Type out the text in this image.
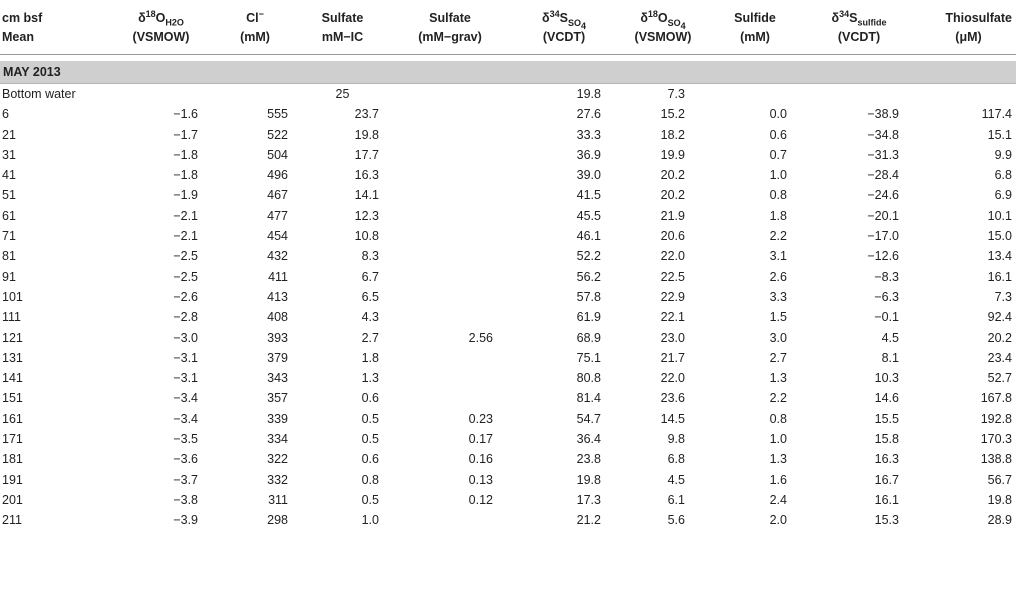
cm bsf	$\delta^{18}O_{H2O}$	Cl−	Sulfate	Sulfate	$\delta^{34}S_{SO_4}$	$\delta^{18}O_{SO_4}$	Sulfide	$\delta^{34}S_{sulfide}$	Thiosulfate
Mean	(VSMOW)	(mM)	mM−IC	(mM−grav)	(VCDT)	(VSMOW)	(mM)	(VCDT)	(μM)

MAY 2013									
Bottom water			25		19.8	7.3			
6	−1.6	555	23.7		27.6	15.2	0.0	−38.9	117.4
21	−1.7	522	19.8		33.3	18.2	0.6	−34.8	15.1
31	−1.8	504	17.7		36.9	19.9	0.7	−31.3	9.9
41	−1.8	496	16.3		39.0	20.2	1.0	−28.4	6.8
51	−1.9	467	14.1		41.5	20.2	0.8	−24.6	6.9
61	−2.1	477	12.3		45.5	21.9	1.8	−20.1	10.1
71	−2.1	454	10.8		46.1	20.6	2.2	−17.0	15.0
81	−2.5	432	8.3		52.2	22.0	3.1	−12.6	13.4
91	−2.5	411	6.7		56.2	22.5	2.6	−8.3	16.1
101	−2.6	413	6.5		57.8	22.9	3.3	−6.3	7.3
111	−2.8	408	4.3		61.9	22.1	1.5	−0.1	92.4
121	−3.0	393	2.7	2.56	68.9	23.0	3.0	4.5	20.2
131	−3.1	379	1.8		75.1	21.7	2.7	8.1	23.4
141	−3.1	343	1.3		80.8	22.0	1.3	10.3	52.7
151	−3.4	357	0.6		81.4	23.6	2.2	14.6	167.8
161	−3.4	339	0.5	0.23	54.7	14.5	0.8	15.5	192.8
171	−3.5	334	0.5	0.17	36.4	9.8	1.0	15.8	170.3
181	−3.6	322	0.6	0.16	23.8	6.8	1.3	16.3	138.8
191	−3.7	332	0.8	0.13	19.8	4.5	1.6	16.7	56.7
201	−3.8	311	0.5	0.12	17.3	6.1	2.4	16.1	19.8
211	−3.9	298	1.0		21.2	5.6	2.0	15.3	28.9
